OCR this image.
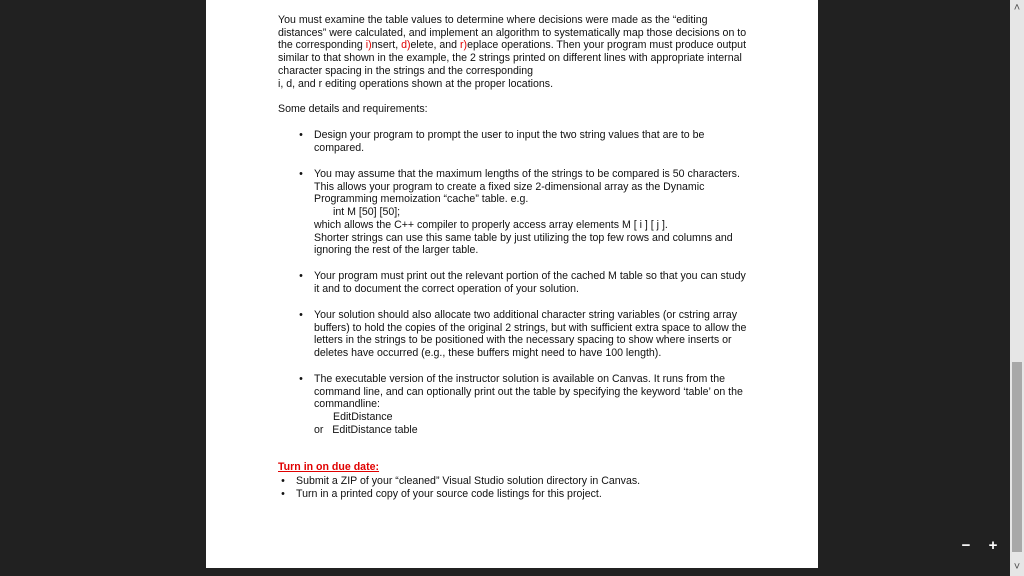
You must examine the table values to determine where decisions were made as the “editing distances” were calculated, and implement an algorithm to systematically map those decisions on to the corresponding i)nsert, d)elete, and r)eplace operations. Then your program must produce output similar to that shown in the example, the 2 strings printed on different lines with appropriate internal character spacing in the strings and the corresponding
i, d, and r editing operations shown at the proper locations.
Some details and requirements:
• Design your program to prompt the user to input the two string values that are to be compared.
• You may assume that the maximum lengths of the strings to be compared is 50 characters. This allows your program to create a fixed size 2-dimensional array as the Dynamic Programming memoization “cache” table. e.g.
int M [50] [50];
which allows the C++ compiler to properly access array elements M [ i ] [ j ].
Shorter strings can use this same table by just utilizing the top few rows and columns and ignoring the rest of the larger table.
• Your program must print out the relevant portion of the cached M table so that you can study it and to document the correct operation of your solution.
• Your solution should also allocate two additional character string variables (or cstring array buffers) to hold the copies of the original 2 strings, but with sufficient extra space to allow the letters in the strings to be positioned with the necessary spacing to show where inserts or deletes have occurred (e.g., these buffers might need to have 100 length).
• The executable version of the instructor solution is available on Canvas. It runs from the command line, and can optionally print out the table by specifying the keyword ‘table’ on the commandline:
EditDistance
or EditDistance table
Turn in on due date:
• Submit a ZIP of your “cleaned” Visual Studio solution directory in Canvas.
• Turn in a printed copy of your source code listings for this project.
−	+
˄
˅
